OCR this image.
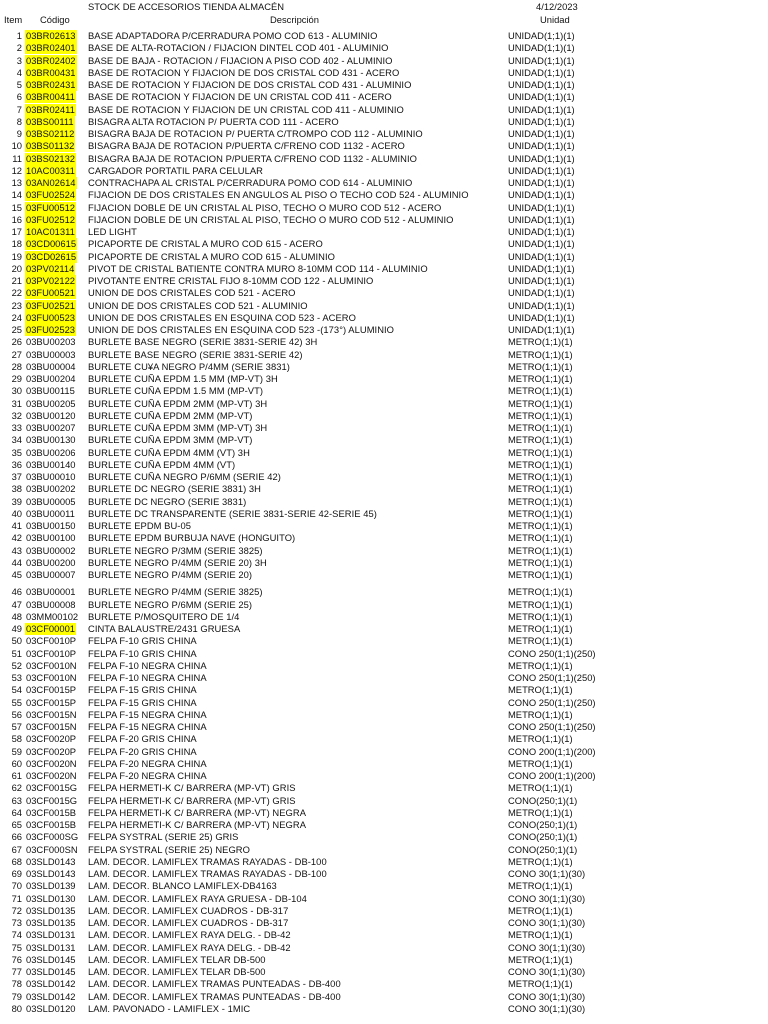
STOCK DE ACCESORIOS TIENDA ALMACÉN	4/12/2023
Item Código	Descripción	Unidad
1 03BR02613 BASE ADAPTADORA P/CERRADURA POMO COD 613 - ALUMINIO	UNIDAD(1;1)(1)
2 03BR02401 BASE DE ALTA-ROTACION / FIJACION DINTEL COD 401 - ALUMINIO	UNIDAD(1;1)(1)
3 03BR02402 BASE DE BAJA - ROTACION / FIJACION A PISO COD 402 - ALUMINIO	UNIDAD(1;1)(1)
4 03BR00431 BASE DE ROTACION Y FIJACION DE DOS CRISTAL COD 431 - ACERO	UNIDAD(1;1)(1)
5 03BR02431 BASE DE ROTACION Y FIJACION DE DOS CRISTAL COD 431 - ALUMINIO	UNIDAD(1;1)(1)
6 03BR00411 BASE DE ROTACION Y FIJACION DE UN CRISTAL COD 411 - ACERO	UNIDAD(1;1)(1)
7 03BR02411 BASE DE ROTACION Y FIJACION DE UN CRISTAL COD 411 - ALUMINIO	UNIDAD(1;1)(1)
8 03BS00111 BISAGRA ALTA ROTACION P/ PUERTA COD 111 - ACERO	UNIDAD(1;1)(1)
9 03BS02112 BISAGRA BAJA DE ROTACION P/ PUERTA C/TROMPO COD 112 - ALUMINIO	UNIDAD(1;1)(1)
10 03BS01132 BISAGRA BAJA DE ROTACION P/PUERTA C/FRENO COD 1132 - ACERO	UNIDAD(1;1)(1)
11 03BS02132 BISAGRA BAJA DE ROTACION P/PUERTA C/FRENO COD 1132 - ALUMINIO	UNIDAD(1;1)(1)
12 10AC00311 CARGADOR PORTATIL PARA CELULAR	UNIDAD(1;1)(1)
13 03AN02614 CONTRACHAPA AL CRISTAL P/CERRADURA POMO COD 614 - ALUMINIO	UNIDAD(1;1)(1)
14 03FU02524 FIJACION DE DOS CRISTALES EN ANGULOS AL PISO O TECHO COD 524 - ALUMINIO	UNIDAD(1;1)(1)
15 03FU00512 FIJACION DOBLE DE UN CRISTAL AL PISO, TECHO O MURO COD 512 - ACERO	UNIDAD(1;1)(1)
16 03FU02512 FIJACION DOBLE DE UN CRISTAL AL PISO, TECHO O MURO COD 512 - ALUMINIO	UNIDAD(1;1)(1)
17 10AC01311 LED LIGHT	UNIDAD(1;1)(1)
18 03CD00615 PICAPORTE DE CRISTAL A MURO COD 615 - ACERO	UNIDAD(1;1)(1)
19 03CD02615 PICAPORTE DE CRISTAL A MURO COD 615 - ALUMINIO	UNIDAD(1;1)(1)
20 03PV02114 PIVOT DE CRISTAL BATIENTE CONTRA MURO 8-10MM COD 114 - ALUMINIO	UNIDAD(1;1)(1)
21 03PV02122 PIVOTANTE ENTRE CRISTAL FIJO 8-10MM COD 122 - ALUMINIO	UNIDAD(1;1)(1)
22 03FU00521 UNION DE DOS CRISTALES COD 521 - ACERO	UNIDAD(1;1)(1)
23 03FU02521 UNION DE DOS CRISTALES COD 521 - ALUMINIO	UNIDAD(1;1)(1)
24 03FU00523 UNION DE DOS CRISTALES EN ESQUINA COD 523 - ACERO	UNIDAD(1;1)(1)
25 03FU02523 UNION DE DOS CRISTALES EN ESQUINA COD 523 -(173°) ALUMINIO	UNIDAD(1;1)(1)
26 03BU00203 BURLETE BASE NEGRO (SERIE 3831-SERIE 42) 3H	METRO(1;1)(1)
27 03BU00003 BURLETE BASE NEGRO (SERIE 3831-SERIE 42)	METRO(1;1)(1)
28 03BU00004 BURLETE CU¥A NEGRO P/4MM (SERIE 3831)	METRO(1;1)(1)
29 03BU00204 BURLETE CUÑA EPDM 1.5 MM (MP-VT) 3H	METRO(1;1)(1)
30 03BU00115 BURLETE CUÑA EPDM 1.5 MM (MP-VT)	METRO(1;1)(1)
31 03BU00205 BURLETE CUÑA EPDM 2MM (MP-VT) 3H	METRO(1;1)(1)
32 03BU00120 BURLETE CUÑA EPDM 2MM (MP-VT)	METRO(1;1)(1)
33 03BU00207 BURLETE CUÑA EPDM 3MM (MP-VT) 3H	METRO(1;1)(1)
34 03BU00130 BURLETE CUÑA EPDM 3MM (MP-VT)	METRO(1;1)(1)
35 03BU00206 BURLETE CUÑA EPDM 4MM (VT) 3H	METRO(1;1)(1)
36 03BU00140 BURLETE CUÑA EPDM 4MM (VT)	METRO(1;1)(1)
37 03BU00010 BURLETE CUÑA NEGRO P/6MM (SERIE 42)	METRO(1;1)(1)
38 03BU00202 BURLETE DC NEGRO (SERIE 3831) 3H	METRO(1;1)(1)
39 03BU00005 BURLETE DC NEGRO (SERIE 3831)	METRO(1;1)(1)
40 03BU00011 BURLETE DC TRANSPARENTE (SERIE 3831-SERIE 42-SERIE 45)	METRO(1;1)(1)
41 03BU00150 BURLETE EPDM BU-05	METRO(1;1)(1)
42 03BU00100 BURLETE EPDM BURBUJA NAVE (HONGUITO)	METRO(1;1)(1)
43 03BU00002 BURLETE NEGRO P/3MM (SERIE 3825)	METRO(1;1)(1)
44 03BU00200 BURLETE NEGRO P/4MM (SERIE 20) 3H	METRO(1;1)(1)
45 03BU00007 BURLETE NEGRO P/4MM (SERIE 20)	METRO(1;1)(1)
46 03BU00001 BURLETE NEGRO P/4MM (SERIE 3825)	METRO(1;1)(1)
47 03BU00008 BURLETE NEGRO P/6MM (SERIE 25)	METRO(1;1)(1)
48 03MM00102 BURLETE P/MOSQUITERO DE 1/4	METRO(1;1)(1)
49 03CF00001 CINTA BALAUSTRE/2431 GRUESA	METRO(1;1)(1)
50 03CF0010P FELPA F-10 GRIS CHINA	METRO(1;1)(1)
51 03CF0010P FELPA F-10 GRIS CHINA	CONO 250(1;1)(250)
52 03CF0010N FELPA F-10 NEGRA CHINA	METRO(1;1)(1)
53 03CF0010N FELPA F-10 NEGRA CHINA	CONO 250(1;1)(250)
54 03CF0015P FELPA F-15 GRIS CHINA	METRO(1;1)(1)
55 03CF0015P FELPA F-15 GRIS CHINA	CONO 250(1;1)(250)
56 03CF0015N FELPA F-15 NEGRA CHINA	METRO(1;1)(1)
57 03CF0015N FELPA F-15 NEGRA CHINA	CONO 250(1;1)(250)
58 03CF0020P FELPA F-20 GRIS CHINA	METRO(1;1)(1)
59 03CF0020P FELPA F-20 GRIS CHINA	CONO 200(1;1)(200)
60 03CF0020N FELPA F-20 NEGRA CHINA	METRO(1;1)(1)
61 03CF0020N FELPA F-20 NEGRA CHINA	CONO 200(1;1)(200)
62 03CF0015G FELPA HERMETI-K C/ BARRERA (MP-VT) GRIS	METRO(1;1)(1)
63 03CF0015G FELPA HERMETI-K C/ BARRERA (MP-VT) GRIS	CONO(250;1)(1)
64 03CF0015B FELPA HERMETI-K C/ BARRERA (MP-VT) NEGRA	METRO(1;1)(1)
65 03CF0015B FELPA HERMETI-K C/ BARRERA (MP-VT) NEGRA	CONO(250;1)(1)
66 03CF000SG FELPA SYSTRAL (SERIE 25) GRIS	CONO(250;1)(1)
67 03CF000SN FELPA SYSTRAL (SERIE 25) NEGRO	CONO(250;1)(1)
68 03SLD0143 LAM. DECOR. LAMIFLEX TRAMAS RAYADAS - DB-100	METRO(1;1)(1)
69 03SLD0143 LAM. DECOR. LAMIFLEX TRAMAS RAYADAS - DB-100	CONO 30(1;1)(30)
70 03SLD0139 LAM. DECOR. BLANCO LAMIFLEX-DB4163	METRO(1;1)(1)
71 03SLD0130 LAM. DECOR. LAMIFLEX RAYA GRUESA - DB-104	CONO 30(1;1)(30)
72 03SLD0135 LAM. DECOR. LAMIFLEX CUADROS - DB-317	METRO(1;1)(1)
73 03SLD0135 LAM. DECOR. LAMIFLEX CUADROS - DB-317	CONO 30(1;1)(30)
74 03SLD0131 LAM. DECOR. LAMIFLEX RAYA DELG. - DB-42	METRO(1;1)(1)
75 03SLD0131 LAM. DECOR. LAMIFLEX RAYA DELG. - DB-42	CONO 30(1;1)(30)
76 03SLD0145 LAM. DECOR. LAMIFLEX TELAR DB-500	METRO(1;1)(1)
77 03SLD0145 LAM. DECOR. LAMIFLEX TELAR DB-500	CONO 30(1;1)(30)
78 03SLD0142 LAM. DECOR. LAMIFLEX TRAMAS PUNTEADAS - DB-400	METRO(1;1)(1)
79 03SLD0142 LAM. DECOR. LAMIFLEX TRAMAS PUNTEADAS - DB-400	CONO 30(1;1)(30)
80 03SLD0120 LAM. PAVONADO - LAMIFLEX - 1MIC	CONO 30(1;1)(30)
